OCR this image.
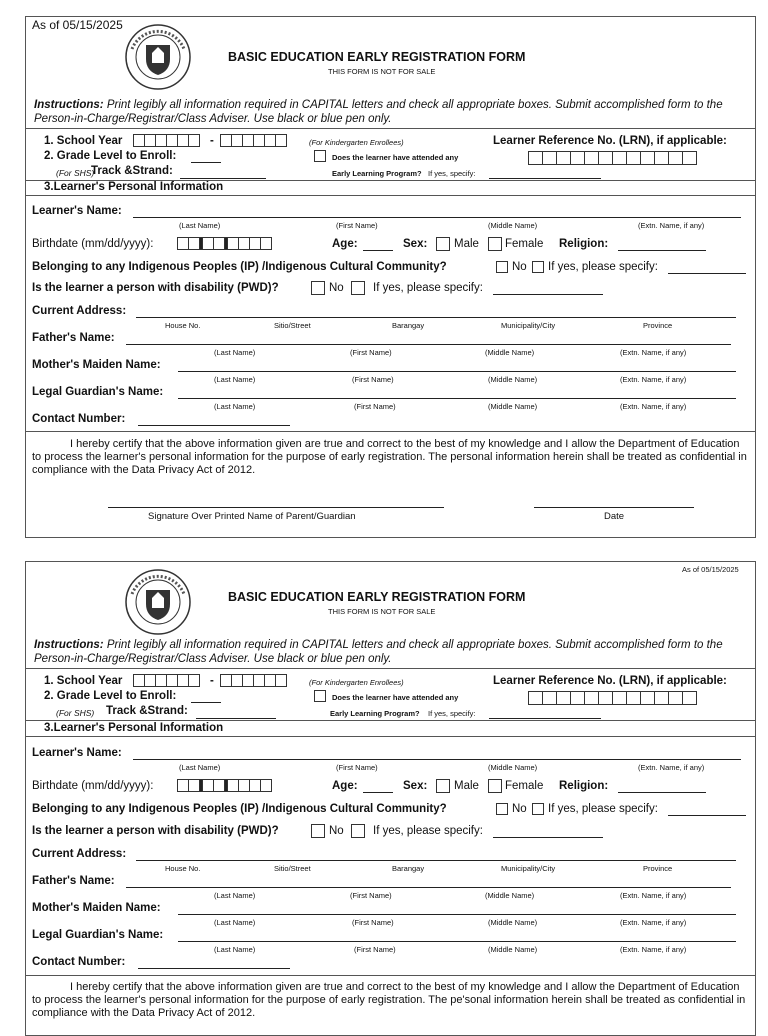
As of 05/15/2025
BASIC EDUCATION EARLY REGISTRATION FORM
THIS FORM IS NOT FOR SALE
Instructions: Print legibly all information required in CAPITAL letters and check all appropriate boxes. Submit accomplished form to the Person-in-Charge/Registrar/Class Adviser. Use black or blue pen only.
1. School Year	-	(For Kindergarten Enrollees)	Learner Reference No. (LRN), if applicable:
2. Grade Level to Enroll:	Does the learner have attended any
(For SHS)
Track &Strand:	Early Learning Program? If yes, specify:
3.Learner's Personal Information
Learner's Name:
(Last Name)	(First Name)	(Middle Name)	(Extn. Name, if any)
Birthdate (mm/dd/yyyy):	Age:	Sex: Male Female Religion:
Belonging to any Indigenous Peoples (IP) /Indigenous Cultural Community?	No If yes, please specify:
Is the learner a person with disability (PWD)?	No	If yes, please specify:
Current Address:
House No.	Sitio/Street	Barangay	Municipality/City	Province
Father's Name:
(Last Name)	(First Name)	(Middle Name)	(Extn. Name, if any)
Mother's Maiden Name:
(Last Name)	(First Name)	(Middle Name)	(Extn. Name, if any)
Legal Guardian's Name:
(Last Name)	(First Name)	(Middle Name)	(Extn. Name, if any)
Contact Number:
I hereby certify that the above information given are true and correct to the best of my knowledge and I allow the Department of Education to process the learner's personal information for the purpose of early registration. The personal information herein shall be treated as confidential in compliance with the Data Privacy Act of 2012.
Signature Over Printed Name of Parent/Guardian	Date
As of 05/15/2025
BASIC EDUCATION EARLY REGISTRATION FORM
THIS FORM IS NOT FOR SALE
Instructions: Print legibly all information required in CAPITAL letters and check all appropriate boxes. Submit accomplished form to the Person-in-Charge/Registrar/Class Adviser. Use black or blue pen only.
1. School Year	-	(For Kindergarten Enrollees)	Learner Reference No. (LRN), if applicable:
2. Grade Level to Enroll:	Does the learner have attended any
(For SHS) Track &Strand:	Early Learning Program? If yes, specify:
3.Learner's Personal Information
Learner's Name:
(Last Name)	(First Name)	(Middle Name)	(Extn. Name, if any)
Birthdate (mm/dd/yyyy):	Age:	Sex: Male Female Religion:
Belonging to any Indigenous Peoples (IP) /Indigenous Cultural Community?	No If yes, please specify:
Is the learner a person with disability (PWD)?	No	If yes, please specify:
Current Address:
House No.	Sitio/Street	Barangay	Municipality/City	Province
Father's Name:
(Last Name)	(First Name)	(Middle Name)	(Extn. Name, if any)
Mother's Maiden Name:
(Last Name)	(First Name)	(Middle Name)	(Extn. Name, if any)
Legal Guardian's Name:
(Last Name)	(First Name)	(Middle Name)	(Extn. Name, if any)
Contact Number:
I hereby certify that the above information given are true and correct to the best of my knowledge and I allow the Department of Education to process the learner's personal information for the purpose of early registration. The pe'sonal information herein shall be treated as confidential in compliance with the Data Privacy Act of 2012.
